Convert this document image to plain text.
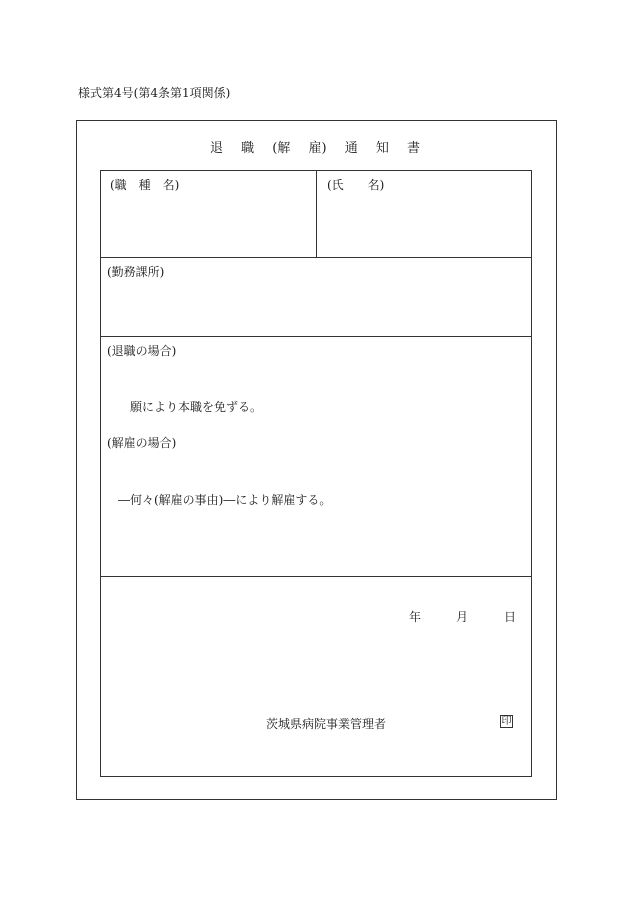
様式第4号(第4条第1項関係)
退 職 (解 雇) 通 知 書
(職　種　名)	(氏　　名)
(勤務課所)
(退職の場合)
願により本職を免ずる。
(解雇の場合)
―何々(解雇の事由)―により解雇する。
年	月	日
茨城県病院事業管理者	印
